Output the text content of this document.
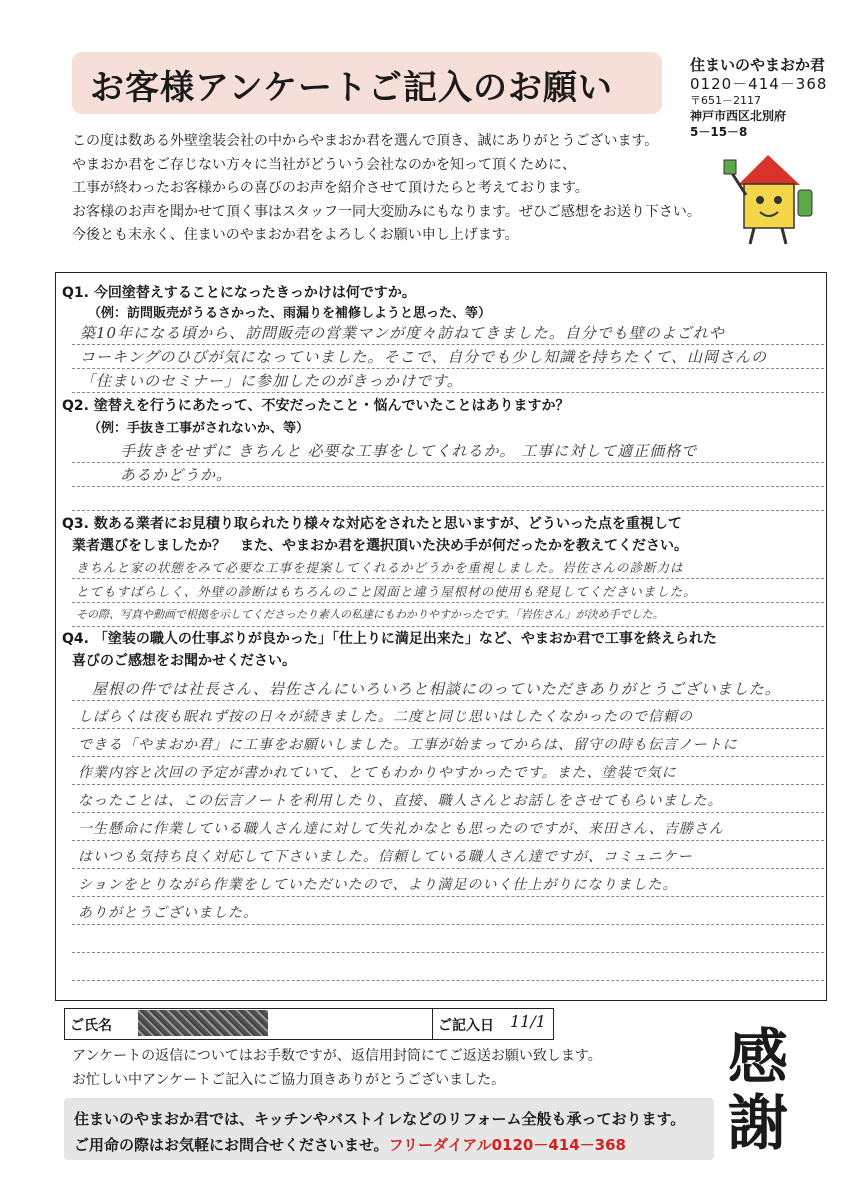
お客様アンケートご記入のお願い
住まいのやまおか君
0120－414－368
〒651－2117
神戸市西区北別府
5－15－8
この度は数ある外壁塗装会社の中からやまおか君を選んで頂き、誠にありがとうございます。
やまおか君をご存じない方々に当社がどういう会社なのかを知って頂くために、
工事が終わったお客様からの喜びのお声を紹介させて頂けたらと考えております。
お客様のお声を聞かせて頂く事はスタッフ一同大変励みにもなります。ぜひご感想をお送り下さい。
今後とも末永く、住まいのやまおか君をよろしくお願い申し上げます。
Q1. 今回塗替えすることになったきっかけは何ですか。
（例：訪問販売がうるさかった、雨漏りを補修しようと思った、等）
築10年になる頃から、訪問販売の営業マンが度々訪ねてきました。自分でも壁のよごれや
コーキングのひびが気になっていました。そこで、自分でも少し知識を持ちたくて、山岡さんの
「住まいのセミナー」に参加したのがきっかけです。
Q2. 塗替えを行うにあたって、不安だったこと・悩んでいたことはありますか？
（例：手抜き工事がされないか、等）
手抜きをせずに きちんと 必要な工事をしてくれるか。 工事に対して適正価格で
あるかどうか。
Q3. 数ある業者にお見積り取られたり様々な対応をされたと思いますが、どういった点を重視して
業者選びをしましたか？　また、やまおか君を選択頂いた決め手が何だったかを教えてください。
きちんと家の状態をみて必要な工事を提案してくれるかどうかを重視しました。岩佐さんの診断力は
とてもすばらしく、外壁の診断はもちろんのこと図面と違う屋根材の使用も発見してくださいました。
その際、写真や動画で根拠を示してくださったり素人の私達にもわかりやすかったです。「岩佐さん」が決め手でした。
Q4. 「塗装の職人の仕事ぶりが良かった」「仕上りに満足出来た」など、やまおか君で工事を終えられた
喜びのご感想をお聞かせください。
屋根の件では社長さん、岩佐さんにいろいろと相談にのっていただきありがとうございました。
しばらくは夜も眠れず按の日々が続きました。二度と同じ思いはしたくなかったので信頼の
できる「やまおか君」に工事をお願いしました。工事が始まってからは、留守の時も伝言ノートに
作業内容と次回の予定が書かれていて、とてもわかりやすかったです。また、塗装で気に
なったことは、この伝言ノートを利用したり、直接、職人さんとお話しをさせてもらいました。
一生懸命に作業している職人さん達に対して失礼かなとも思ったのですが、来田さん、吉勝さん
はいつも気持ち良く対応して下さいました。信頼している職人さん達ですが、コミュニケー
ションをとりながら作業をしていただいたので、より満足のいく仕上がりになりました。
ありがとうございました。
ご氏名	ご記入日 11/1
アンケートの返信についてはお手数ですが、返信用封筒にてご返送お願い致します。
お忙しい中アンケートご記入にご協力頂きありがとうございました。	感
謝
住まいのやまおか君では、キッチンやバストイレなどのリフォーム全般も承っております。
ご用命の際はお気軽にお問合せくださいませ。フリーダイアル0120－414－368
